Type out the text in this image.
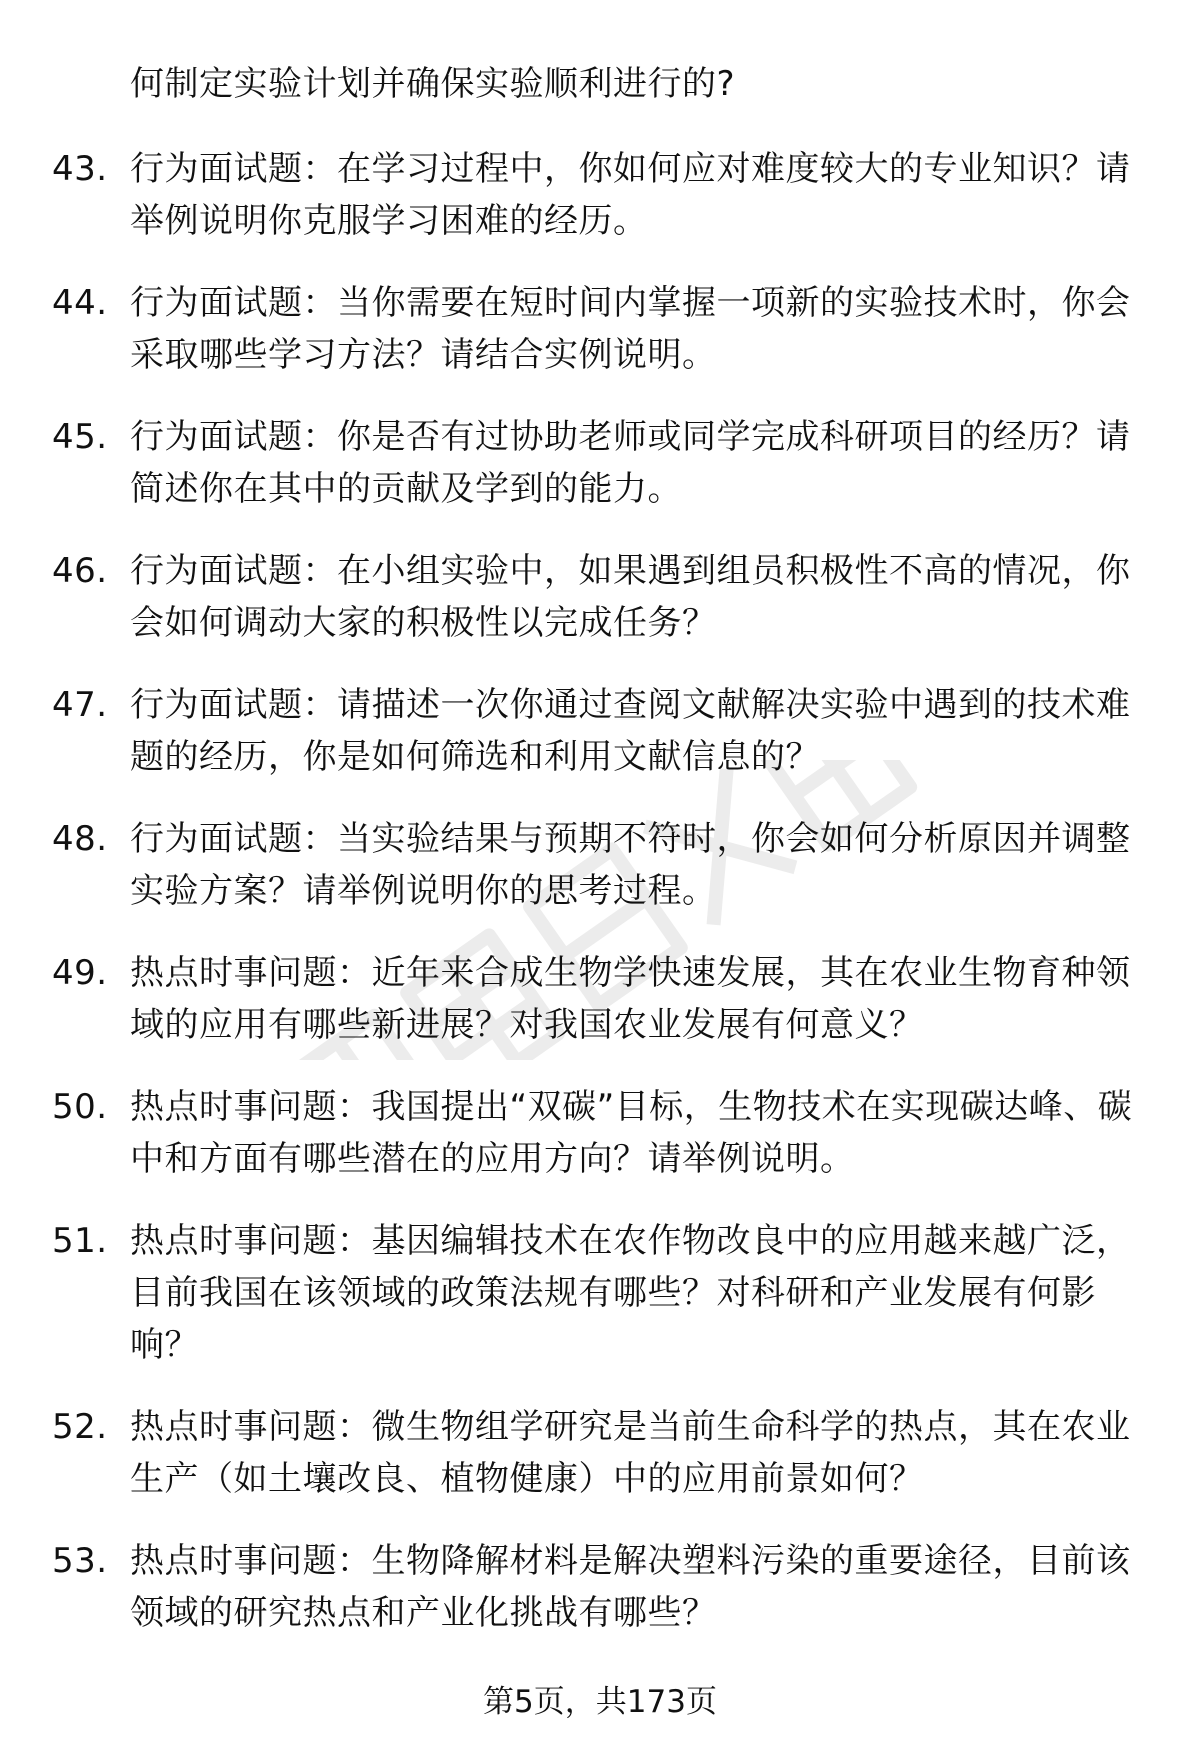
何制定实验计划并确保实验顺利进行的?
43. 行为面试题：在学习过程中，你如何应对难度较大的专业知识？请举例说明你克服学习困难的经历。
44. 行为面试题：当你需要在短时间内掌握一项新的实验技术时，你会采取哪些学习方法？请结合实例说明。
45. 行为面试题：你是否有过协助老师或同学完成科研项目的经历？请简述你在其中的贡献及学到的能力。
46. 行为面试题：在小组实验中，如果遇到组员积极性不高的情况，你会如何调动大家的积极性以完成任务？
47. 行为面试题：请描述一次你通过查阅文献解决实验中遇到的技术难题的经历，你是如何筛选和利用文献信息的？
48. 行为面试题：当实验结果与预期不符时，你会如何分析原因并调整实验方案？请举例说明你的思考过程。
49. 热点时事问题：近年来合成生物学快速发展，其在农业生物育种领域的应用有哪些新进展？对我国农业发展有何意义？
50. 热点时事问题：我国提出“双碳”目标，生物技术在实现碳达峰、碳中和方面有哪些潜在的应用方向？请举例说明。
51. 热点时事问题：基因编辑技术在农作物改良中的应用越来越广泛，目前我国在该领域的政策法规有哪些？对科研和产业发展有何影响？
52. 热点时事问题：微生物组学研究是当前生命科学的热点，其在农业生产（如土壤改良、植物健康）中的应用前景如何？
53. 热点时事问题：生物降解材料是解决塑料污染的重要途径，目前该领域的研究热点和产业化挑战有哪些？
第5页，共173页
